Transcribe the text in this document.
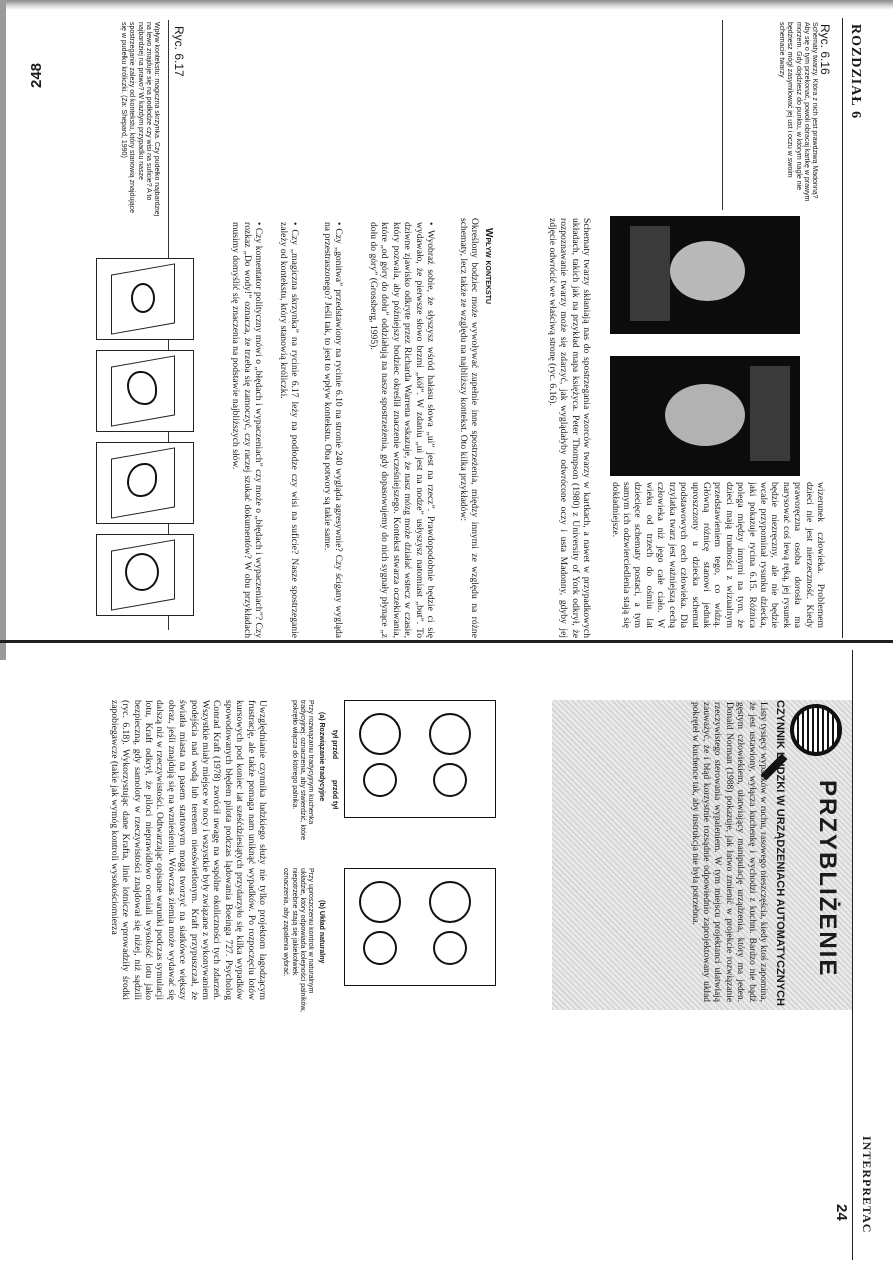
248	ROZDZIAŁ 6
Ryc. 6.16
Schematy twarzy. Która z nich jest prawdziwą Madonną? Aby się o tym przekonać, powoli obracaj kartkę w prawym morzem. Gdy dojdziesz do punktu, w którym nagle nie będziesz mógł zasymilować jej ust i oczu w swoim schemacie twarzy
wizerunek człowieka. Problemem dzieci nie jest nierzeczność. Kiedy praworęczna osoba dorosła ma narysować coś lewą ręką, jej rysunek będzie niezręczny, ale nie będzie wcale przypominał rysunku dziecka, jaki pokazuje rycina 6.15. Różnica polega między innymi na tym, że dzieci mają trudności z wizualnym przedstawieniem tego, co widzą. Główną różnicę stanowi jednak uproszczony u dziecka schemat podstawowych cech człowieka. Dla trzylatka twarz jest ważniejszą cechą człowieka niż jego całe ciało. W wieku od trzech do ośmiu lat dziecięce schematy postaci, a tym samym ich odzwierciedlenia stają się dokładniejsze.
Schematy twarzy skłaniają nas do spostrzegania wzorców twarzy w kartkach, a nawet w przypadkowych układach, takich jak na przykład mapa księżyca. Peter Thompson (1980) z University of York odkrył, że rozpoznawanie twarzy może się zdarzyć, jak wyglądałyby odwrócone oczy i usta Madonny, gdyby jej zdjęcie odwrócić we właściwą stronę (ryc. 6.16).
Wpływ kontekstu
Określony bodziec może wywoływać zupełnie inne spostrzeżenia, między innymi ze względu na różne schematy, lecz także ze względu na najbliższy kontekst. Oto kilka przykładów:
• Wyobraź sobie, że słyszysz wśród hałasu słowa „ui” jest na rzecz”. Prawdopodobnie będzie ci się wydawało, że pierwsze słowo brzmi „kół”. W zdaniu „ui jest na nodze” usłyszysz natomiast „but”. To dziwne zjawisko odkryte przez Richarda Warrena wskazuje, że nasz mózg może działać wstecz w czasie, który pozwala, aby późniejszy bodziec określił znaczenie wcześniejszego. Kontekst stwarza oczekiwania, które „od góry do dołu” oddziałują na nasze spostrzeżenia, gdy dopasowujemy do nich sygnały płynące „z dołu do góry” (Grossberg, 1995).
• Czy „gonitwa” przedstawiony na rycinie 6.10 na stronie 240 wygląda agresywnie? Czy ścigany wygląda na przestraszonego? Jeśli tak, to jest to wpływ kontekstu. Oba potwory są takie same.
• Czy „magiczna skrzynka” na rycinie 6.17 leży na podłodze czy wisi na suficie? Nasze spostrzeganie zależy od kontekstu, który stanowią króliczki.
• Czy komentator polityczny mówi o „błędach i wypaczeniach” czy może o „błędach i wypaczeniach”? Czy rozkaz „Do wody!” oznacza, że trzeba się zamoczyć, czy raczej szukać dokumentów? W obu przykładach musimy domyślić się znaczenia na podstawie najbliższych słów.
Ryc. 6.17
Wpływ kontekstu: magiczna skrzynka. Czy pudełko najbardziej na lewo znajduje się na podłodze czy wisi na suficie? A to najbardziej na prawo? W każdym przypadku nasze spostrzeganie zależy od kontekstu, który stanowią znajdujące się w pudełku króliczki. (Za: Shepard, 1990)
INTERPRETAC
24
PRZYBLIŻENIE
CZYNNIK LUDZKI W URZĄDZENIACH AUTOMATYCZNYCH
Listy tysięcy wypadków w ruchu, rasowego nieszczęścia, kiedy ktoś zapomina, że jest ustawiony, wyłącza kuchenkę i wychodzi z kuchni. Bardzo nie bądź gęstym człowiekiem, ułatwiający manipulację urządzenia, który ma jeden. Donald Norman (1988) pokazuje, jak łatwo zmienić w projekcie rozwiązanie rzeczywistego sterowania wypaleniem. W tym miejscu projektanci ułatwiają zauważyć, że i błąd korzystnie rozsądnie odpowiednio zaprojektowany układ pokręteł w kuchence tak, aby instrukcja nie była potrzebna.
tył przód
przód tył
(a) Rozwiązanie tradycyjne
Przy rozwiązaniu tradycyjnym kuchenka tradycyjnej: oznaczenia, aby stwierdzić, które pokrętło włącza do którego palnika.
(b) Układ naturalny
Przy uproszczeniu kontroli w naturalnym układzie, który odpowiada kolejności palników, niepotrzebne stają się jakiekolwiek oznaczenia, aby zapalenia wybrać.
Uwzględnianie czynnika ludzkiego służy nie tylko projektom łagodzącym frustrację, ale także pomaga nam uniknąć wypadków. Po rozpoczęciu lotów kursowych pod koniec lat sześćdziesiątych przydarzyło się kilka wypadków spowodowanych błędem pilota podczas lądowania Boeinga 727. Psycholog Conrad Kraft (1978) zwrócił uwagę na wspólne okoliczności tych zdarzeń. Wszystkie miały miejsce w nocy i wszystkie były związane z wykonywaniem podejścia nad wodą lub terenem nieoświetlonym. Kraft przypuszczał, że światła miasta na pasem startowym mogą tworzyć na siatkówce większy obraz, jeśli znajdują się na wzniesieniu. Wówczas ziemia może wydawać się dalszą niż w rzeczywistości. Odtwarzając opisane warunki podczas symulacji lotu, Kraft odkrył, że piloci nieprawidłowo oceniali wysokość lotu jako bezpieczną, gdy samoloty w rzeczywistości znajdował się niżej, niż sądzili (ryc. 6.18). Wykorzystując dane Krafta, linie lotnicze wprowadziły środki zapobiegawcze (takie jak wymóg kontroli wysokościomierza
